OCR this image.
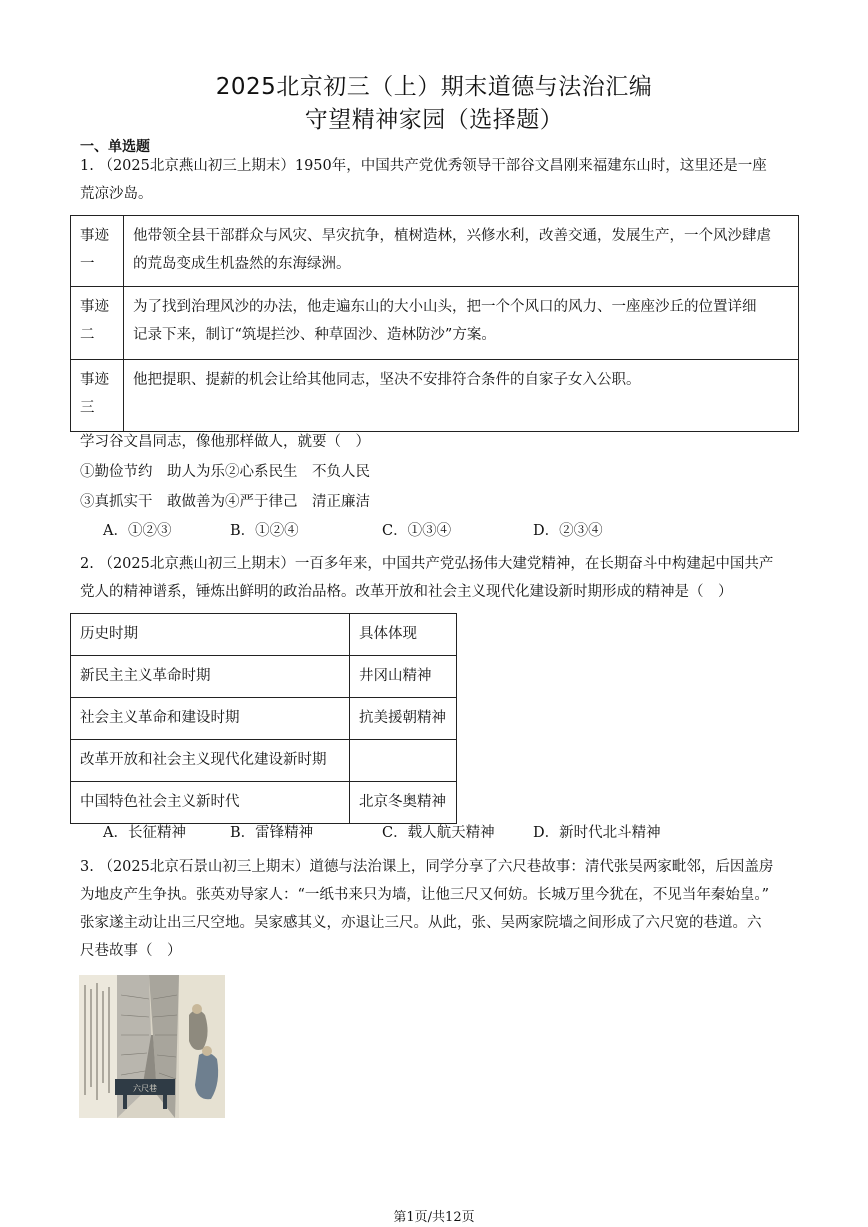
2025北京初三（上）期末道德与法治汇编
守望精神家园（选择题）
一、单选题
1. （2025北京燕山初三上期末）1950年，中国共产党优秀领导干部谷文昌刚来福建东山时，这里还是一座
荒凉沙岛。
事迹
一	他带领全县干部群众与风灾、旱灾抗争，植树造林，兴修水利，改善交通，发展生产，一个风沙肆虐
的荒岛变成生机盎然的东海绿洲。

事迹
二	为了找到治理风沙的办法，他走遍东山的大小山头，把一个个风口的风力、一座座沙丘的位置详细
记录下来，制订“筑堤拦沙、种草固沙、造林防沙”方案。

事迹
三	他把提职、提薪的机会让给其他同志，坚决不安排符合条件的自家子女入公职。
学习谷文昌同志，像他那样做人，就要（　）
①勤俭节约　助人为乐②心系民生　不负人民
③真抓实干　敢做善为④严于律己　清正廉洁
A．①②③	B．①②④	C．①③④	D．②③④
2. （2025北京燕山初三上期末）一百多年来，中国共产党弘扬伟大建党精神，在长期奋斗中构建起中国共产
党人的精神谱系，锤炼出鲜明的政治品格。改革开放和社会主义现代化建设新时期形成的精神是（　）
历史时期	具体体现
新民主主义革命时期	井冈山精神
社会主义革命和建设时期	抗美援朝精神
改革开放和社会主义现代化建设新时期	
中国特色社会主义新时代	北京冬奥精神
A．长征精神	B．雷锋精神	C．载人航天精神	D．新时代北斗精神
3. （2025北京石景山初三上期末）道德与法治课上，同学分享了六尺巷故事：清代张吴两家毗邻，后因盖房
为地皮产生争执。张英劝导家人：“一纸书来只为墙，让他三尺又何妨。长城万里今犹在，不见当年秦始皇。”
张家遂主动让出三尺空地。吴家感其义，亦退让三尺。从此，张、吴两家院墙之间形成了六尺宽的巷道。六
尺巷故事（　）
六尺巷
第1页/共12页
